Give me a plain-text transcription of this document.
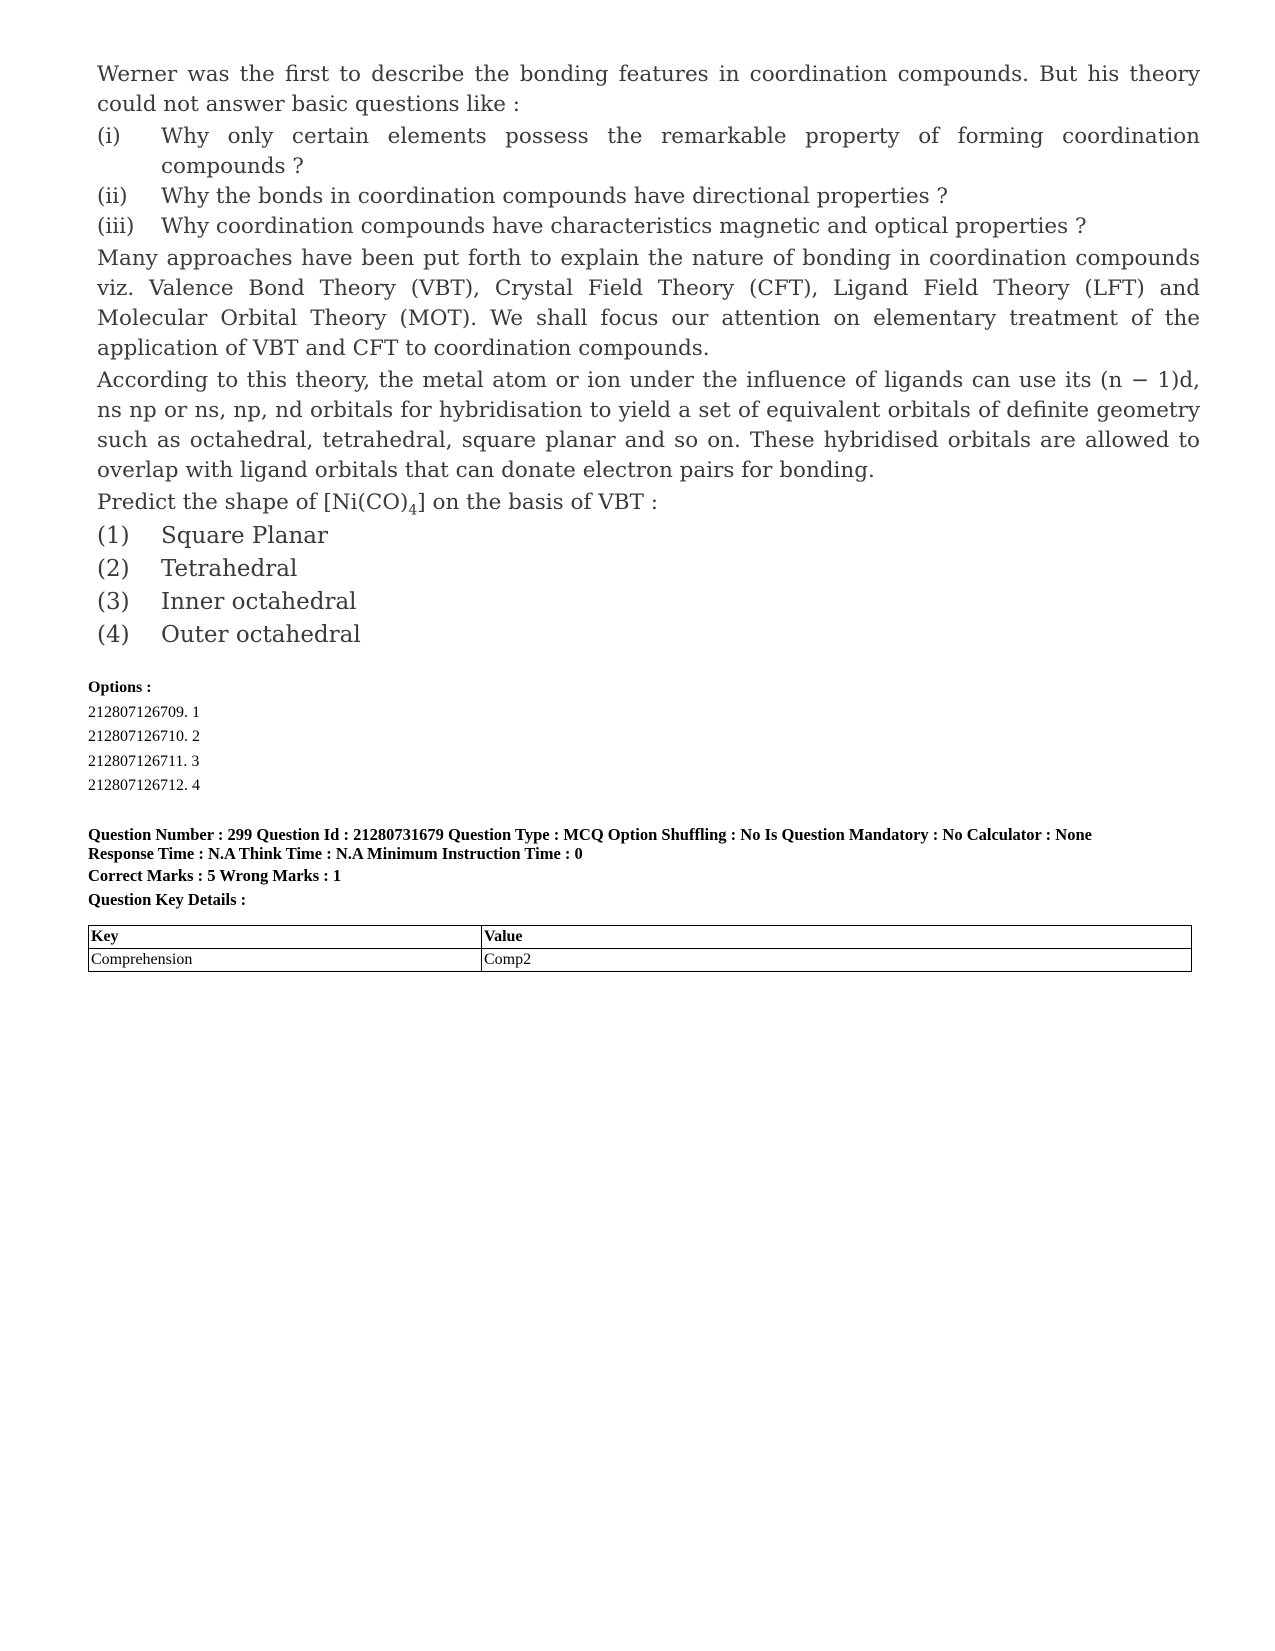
Werner was the first to describe the bonding features in coordination compounds. But his theory could not answer basic questions like :

(i)	Why only certain elements possess the remarkable property of forming coordination compounds ?
(ii)	Why the bonds in coordination compounds have directional properties ?
(iii)	Why coordination compounds have characteristics magnetic and optical properties ?

Many approaches have been put forth to explain the nature of bonding in coordination compounds viz. Valence Bond Theory (VBT), Crystal Field Theory (CFT), Ligand Field Theory (LFT) and Molecular Orbital Theory (MOT). We shall focus our attention on elementary treatment of the application of VBT and CFT to coordination compounds.

According to this theory, the metal atom or ion under the influence of ligands can use its (n − 1)d, ns np or ns, np, nd orbitals for hybridisation to yield a set of equivalent orbitals of definite geometry such as octahedral, tetrahedral, square planar and so on. These hybridised orbitals are allowed to overlap with ligand orbitals that can donate electron pairs for bonding.

Predict the shape of $[Ni(CO)_4]$ on the basis of VBT :

(1)	Square Planar
(2)	Tetrahedral
(3)	Inner octahedral
(4)	Outer octahedral
Options :
212807126709. 1
212807126710. 2
212807126711. 3
212807126712. 4
Question Number : 299 Question Id : 21280731679 Question Type : MCQ Option Shuffling : No Is Question Mandatory : No Calculator : None
Response Time : N.A Think Time : N.A Minimum Instruction Time : 0
Correct Marks : 5 Wrong Marks : 1
Question Key Details :
Key	Value
Comprehension	Comp2
